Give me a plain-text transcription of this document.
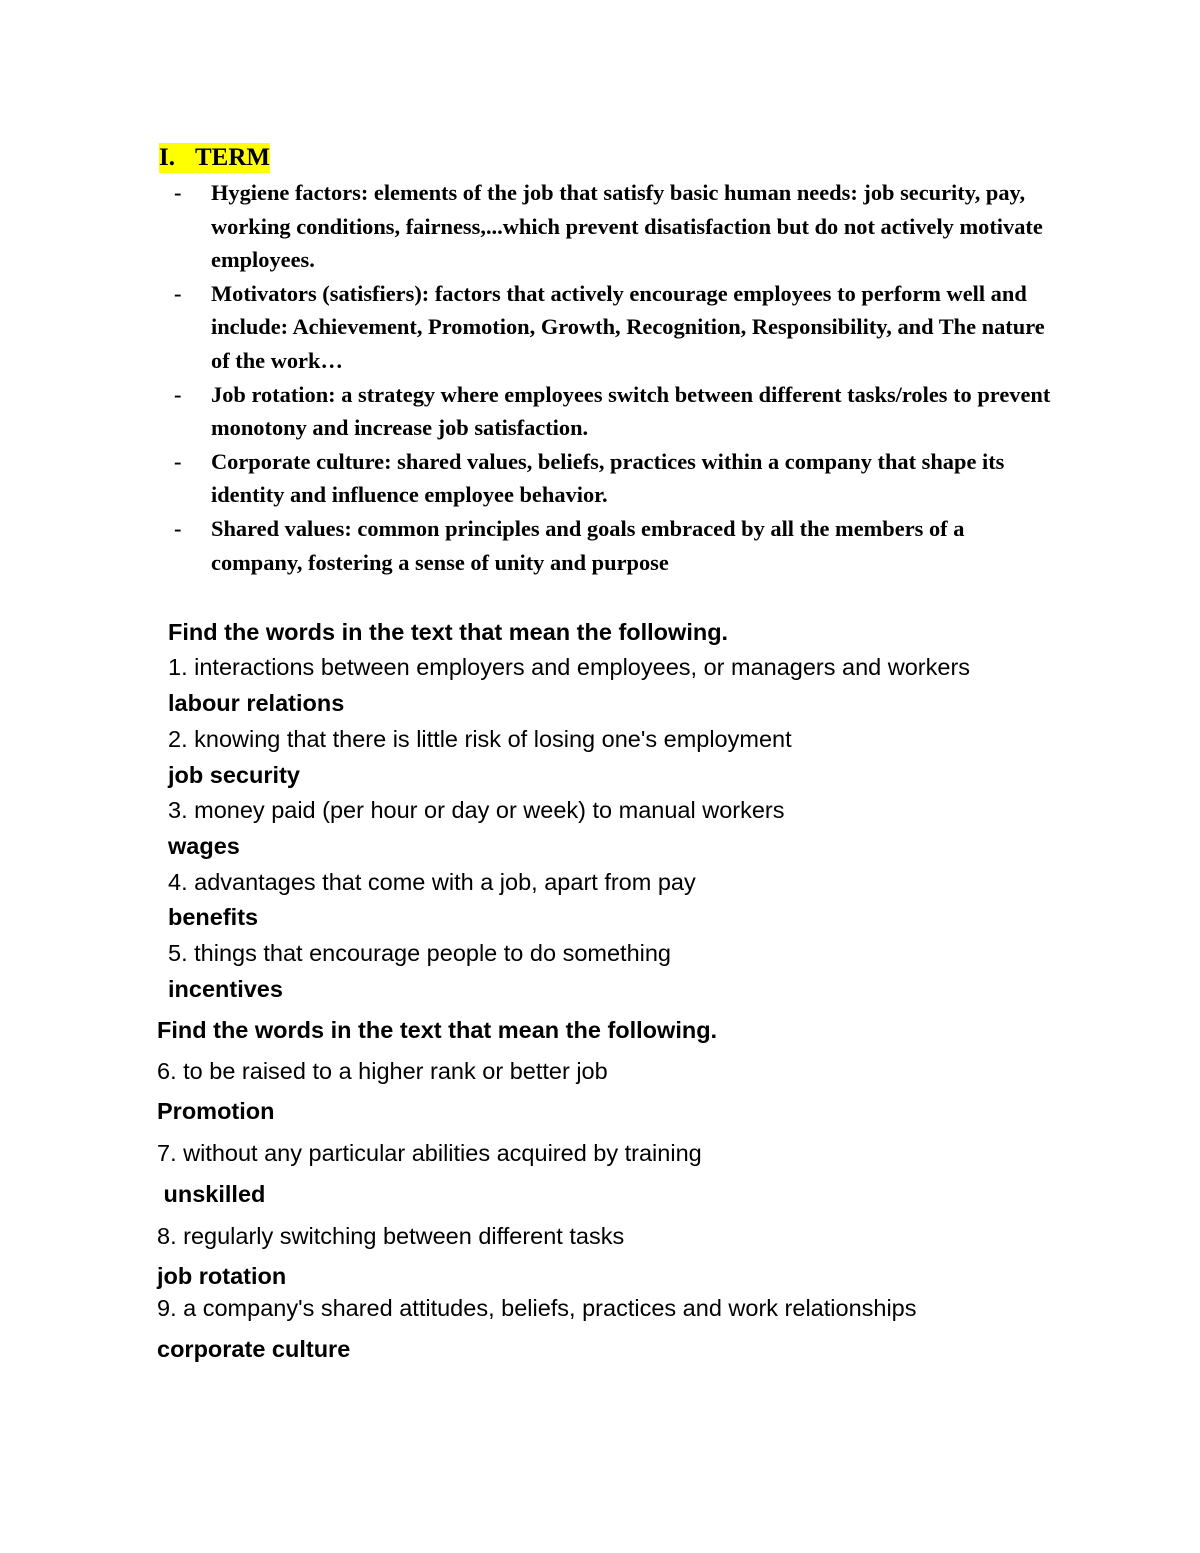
I. TERM
- Hygiene factors: elements of the job that satisfy basic human needs: job security, pay, working conditions, fairness,...which prevent disatisfaction but do not actively motivate employees.
- Motivators (satisfiers): factors that actively encourage employees to perform well and include: Achievement, Promotion, Growth, Recognition, Responsibility, and The nature of the work…
- Job rotation: a strategy where employees switch between different tasks/roles to prevent monotony and increase job satisfaction.
- Corporate culture: shared values, beliefs, practices within a company that shape its identity and influence employee behavior.
- Shared values: common principles and goals embraced by all the members of a company, fostering a sense of unity and purpose
Find the words in the text that mean the following.
1. interactions between employers and employees, or managers and workers
labour relations
2. knowing that there is little risk of losing one's employment
job security
3. money paid (per hour or day or week) to manual workers
wages
4. advantages that come with a job, apart from pay
benefits
5. things that encourage people to do something
incentives
Find the words in the text that mean the following.
6. to be raised to a higher rank or better job
Promotion
7. without any particular abilities acquired by training
unskilled
8. regularly switching between different tasks
job rotation
9. a company's shared attitudes, beliefs, practices and work relationships
corporate culture
